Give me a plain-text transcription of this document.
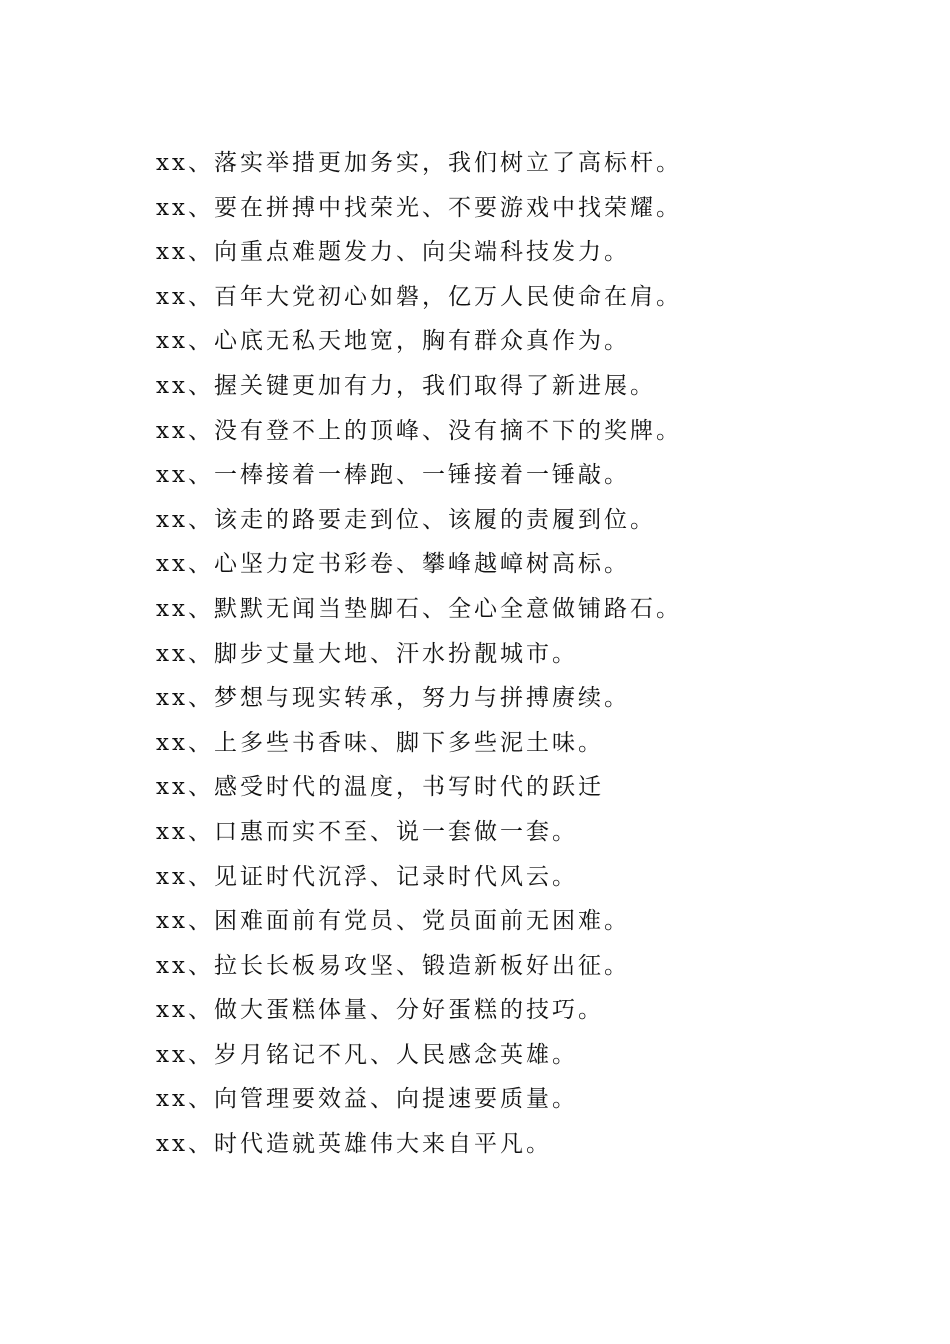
xx、落实举措更加务实，我们树立了高标杆。
xx、要在拼搏中找荣光、不要游戏中找荣耀。
xx、向重点难题发力、向尖端科技发力。
xx、百年大党初心如磐，亿万人民使命在肩。
xx、心底无私天地宽，胸有群众真作为。
xx、握关键更加有力，我们取得了新进展。
xx、没有登不上的顶峰、没有摘不下的奖牌。
xx、一棒接着一棒跑、一锤接着一锤敲。
xx、该走的路要走到位、该履的责履到位。
xx、心坚力定书彩卷、攀峰越嶂树高标。
xx、默默无闻当垫脚石、全心全意做铺路石。
xx、脚步丈量大地、汗水扮靓城市。
xx、梦想与现实转承，努力与拼搏赓续。
xx、上多些书香味、脚下多些泥土味。
xx、感受时代的温度，书写时代的跃迁
xx、口惠而实不至、说一套做一套。
xx、见证时代沉浮、记录时代风云。
xx、困难面前有党员、党员面前无困难。
xx、拉长长板易攻坚、锻造新板好出征。
xx、做大蛋糕体量、分好蛋糕的技巧。
xx、岁月铭记不凡、人民感念英雄。
xx、向管理要效益、向提速要质量。
xx、时代造就英雄伟大来自平凡。
